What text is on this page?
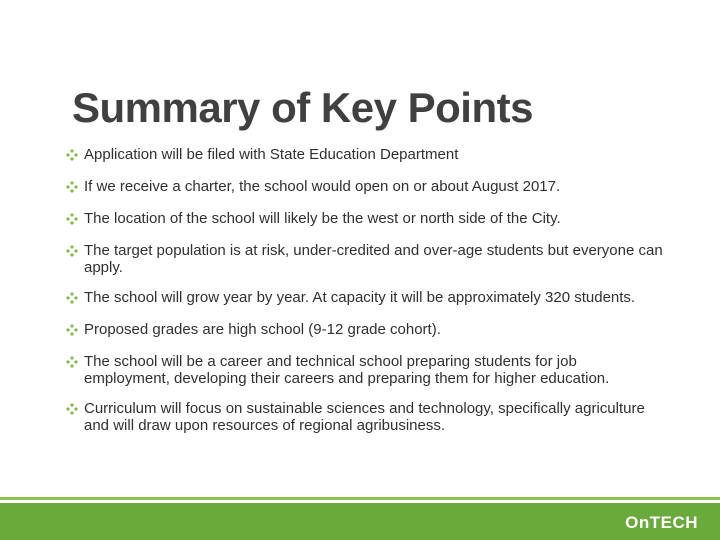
Summary of Key Points
Application will be filed with State Education Department
If we receive a charter, the school would open on or about August 2017.
The location of the school will likely be the west or north side of the City.
The target population is at risk, under-credited and over-age students but everyone can apply.
The school will grow year by year. At capacity it will be approximately 320 students.
Proposed grades are high school (9-12 grade cohort).
The school will be a career and technical school preparing students for job employment, developing their careers and preparing them for higher education.
Curriculum will focus on sustainable sciences and technology, specifically agriculture and will draw upon resources of regional agribusiness.
OnTECH
